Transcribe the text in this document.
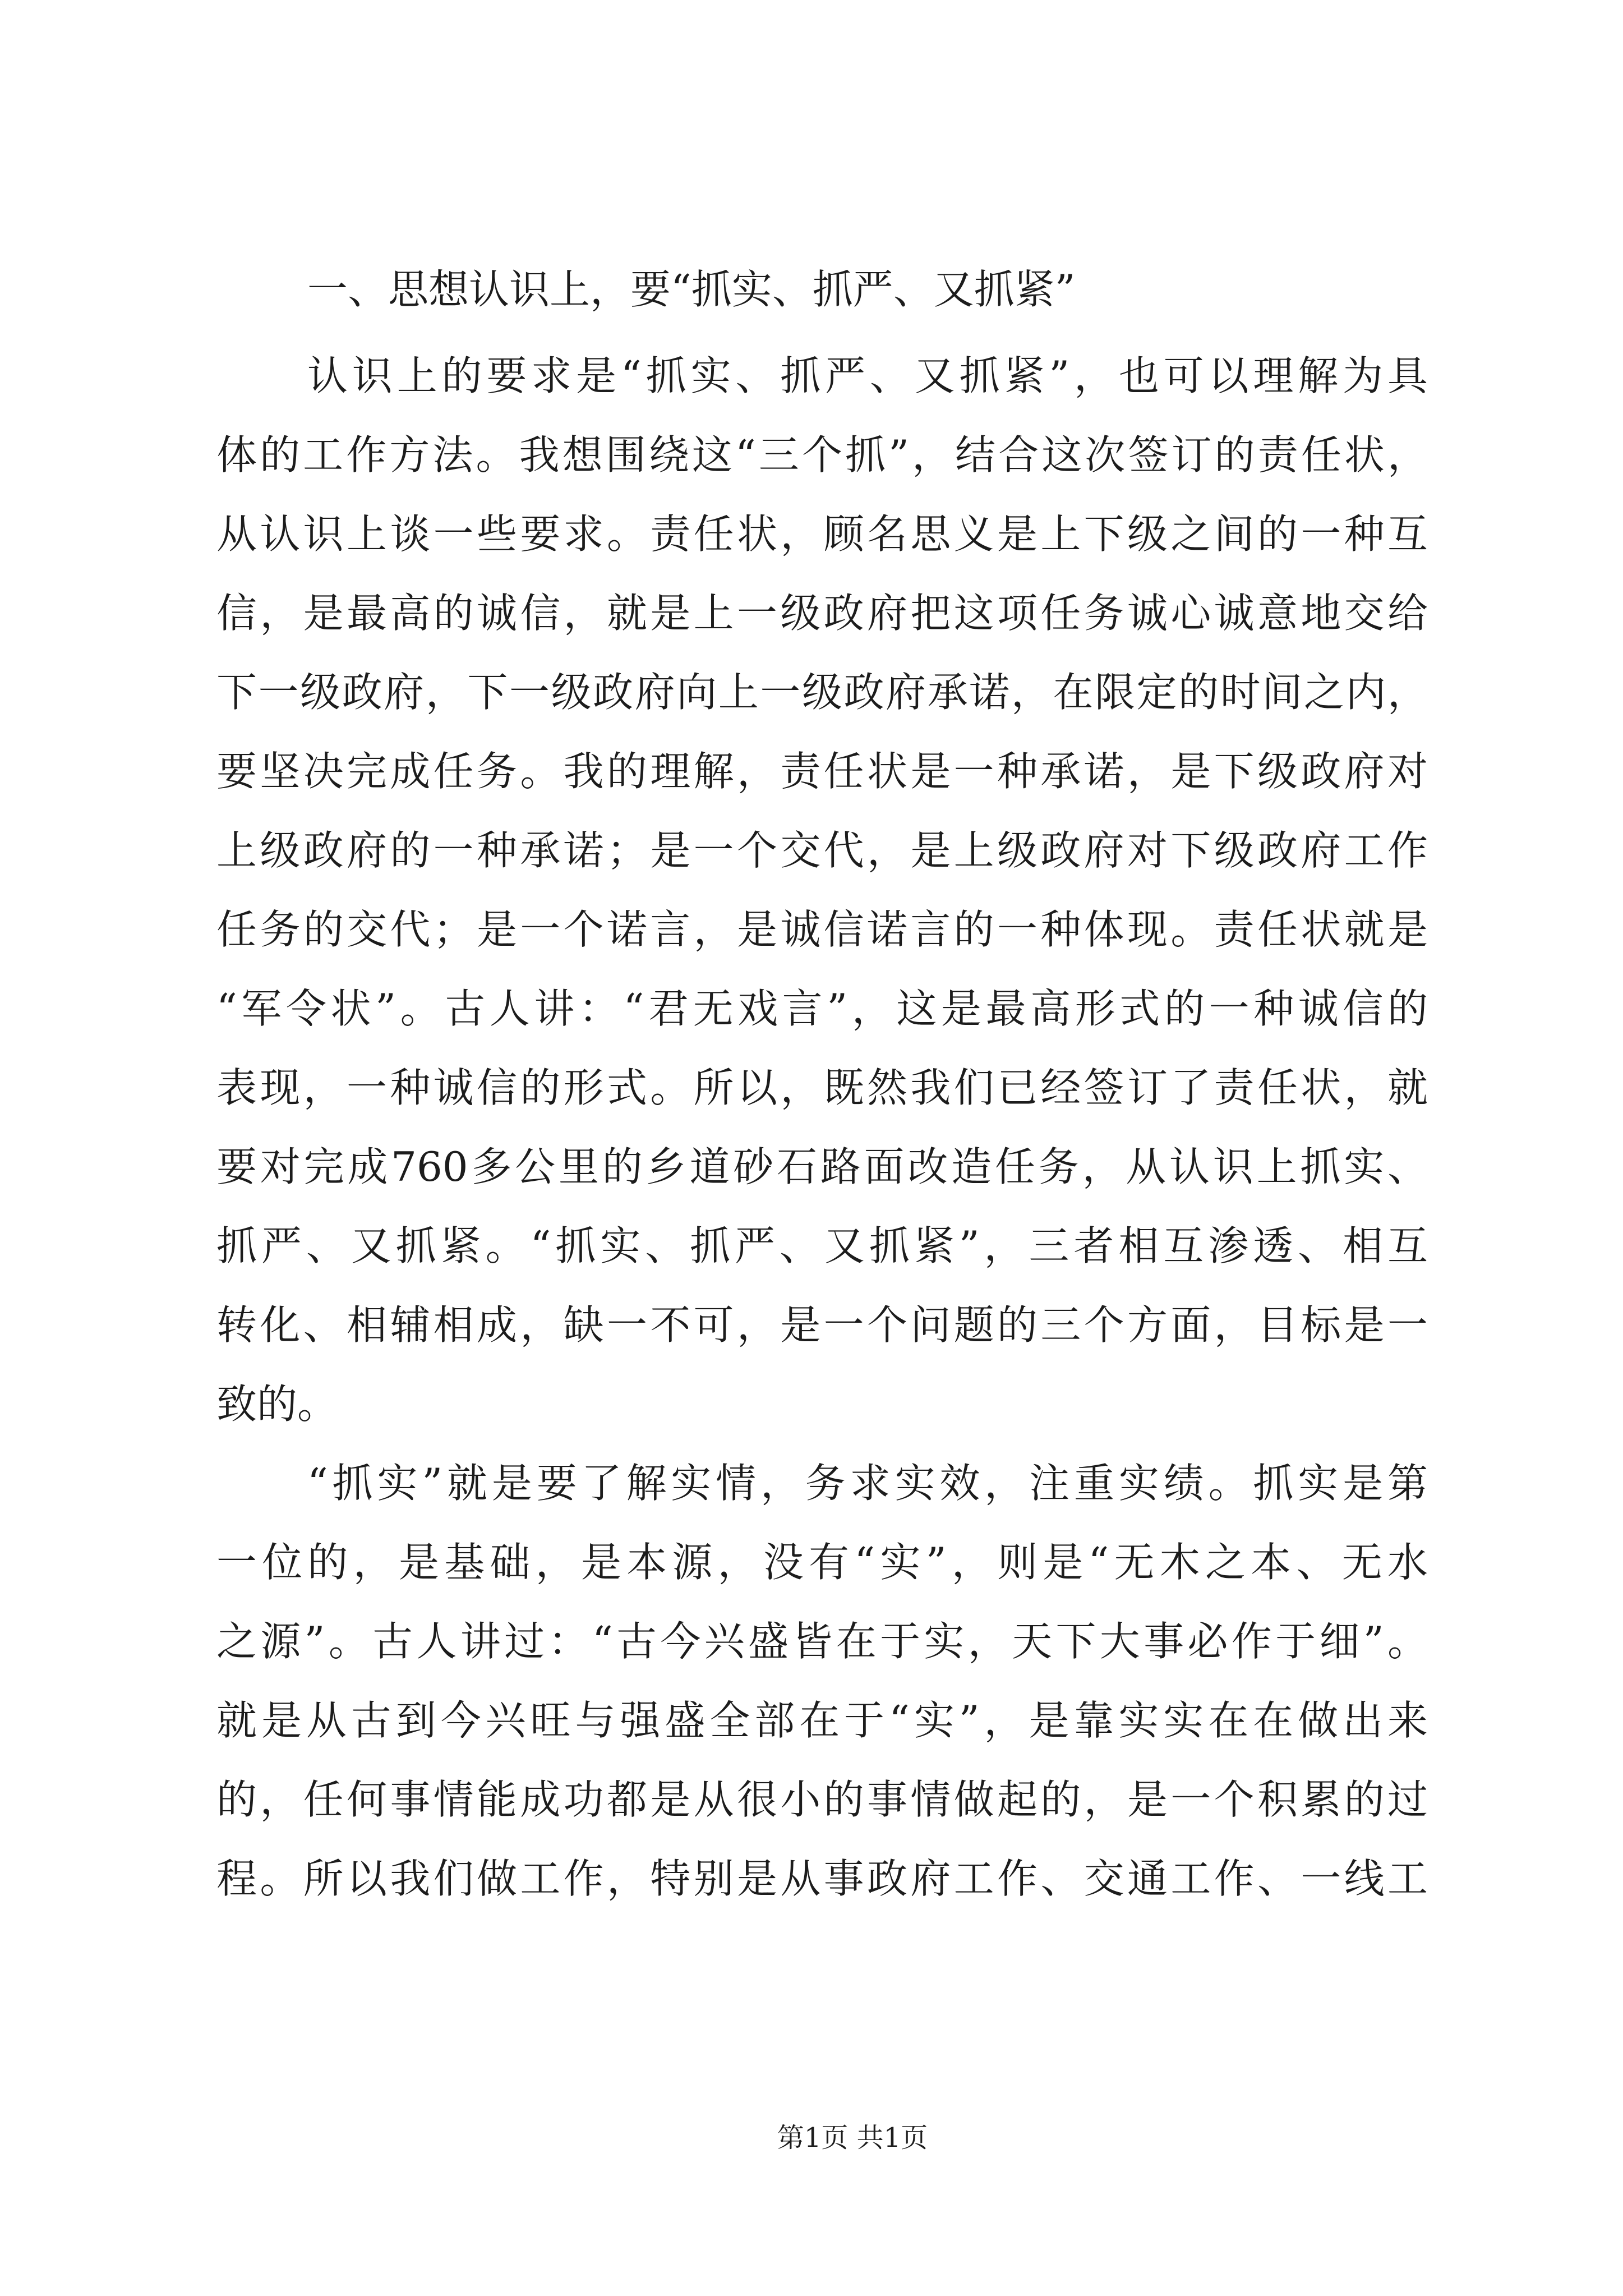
一、思想认识上，要“抓实、抓严、又抓紧”
认识上的要求是“抓实、抓严、又抓紧”，也可以理解为具
体的工作方法。我想围绕这“三个抓”，结合这次签订的责任状，
从认识上谈一些要求。责任状，顾名思义是上下级之间的一种互
信，是最高的诚信，就是上一级政府把这项任务诚心诚意地交给
下一级政府，下一级政府向上一级政府承诺，在限定的时间之内，
要坚决完成任务。我的理解，责任状是一种承诺，是下级政府对
上级政府的一种承诺；是一个交代，是上级政府对下级政府工作
任务的交代；是一个诺言，是诚信诺言的一种体现。责任状就是
“军令状”。古人讲：“君无戏言”，这是最高形式的一种诚信的
表现，一种诚信的形式。所以，既然我们已经签订了责任状，就
要对完成760多公里的乡道砂石路面改造任务，从认识上抓实、
抓严、又抓紧。“抓实、抓严、又抓紧”，三者相互渗透、相互
转化、相辅相成，缺一不可，是一个问题的三个方面，目标是一
致的。
“抓实”就是要了解实情，务求实效，注重实绩。抓实是第
一位的，是基础，是本源，没有“实”，则是“无木之本、无水
之源”。古人讲过：“古今兴盛皆在于实，天下大事必作于细”。
就是从古到今兴旺与强盛全部在于“实”，是靠实实在在做出来
的，任何事情能成功都是从很小的事情做起的，是一个积累的过
程。所以我们做工作，特别是从事政府工作、交通工作、一线工
第1页 共1页
